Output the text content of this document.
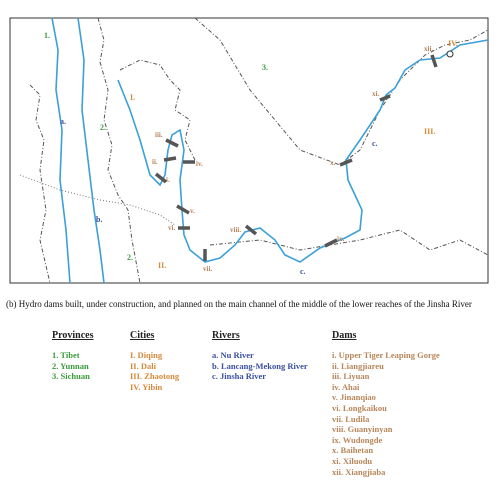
1.
2.
2.
3.
I.
II.
III.
IV.
a.
b.
c.
c.
i.
ii.
iii.
iv.
v.
vi.
vii.
viii.
ix.
x.
xi.
xii.
(b) Hydro dams built, under construction, and planned on the main channel of the middle of the lower reaches of the Jinsha River
Provinces
1. Tibet
2. Yunnan
3. Sichuan
Cities
I. Diqing
II. Dali
III. Zhaotong
IV. Yibin
Rivers
a. Nu River
b. Lancang-Mekong River
c. Jinsha River
Dams
i. Upper Tiger Leaping Gorge
ii. Liangjiareu
iii. Liyuan
iv. Ahai
v. Jinanqiao
vi. Longkaikou
vii. Ludila
viii. Guanyinyan
ix. Wudongde
x. Baihetan
xi. Xiluodu
xii. Xiangjiaba
